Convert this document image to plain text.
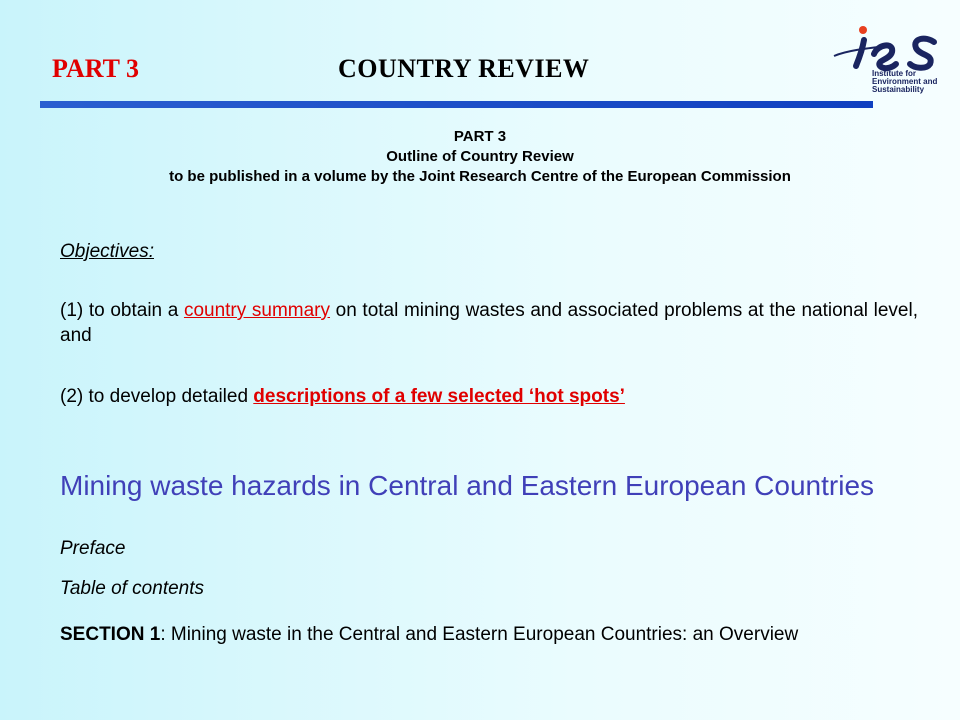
PART 3	COUNTRY REVIEW	ies Institute for
Environment and
Sustainability
PART 3
Outline of Country Review
to be published in a volume by the Joint Research Centre of the European Commission
Objectives:
(1) to obtain a country summary on total mining wastes and associated problems at the national level, and
(2) to develop detailed descriptions of a few selected ‘hot spots’
Mining waste hazards in Central and Eastern European Countries
Preface
Table of contents
SECTION 1: Mining waste in the Central and Eastern European Countries: an Overview
